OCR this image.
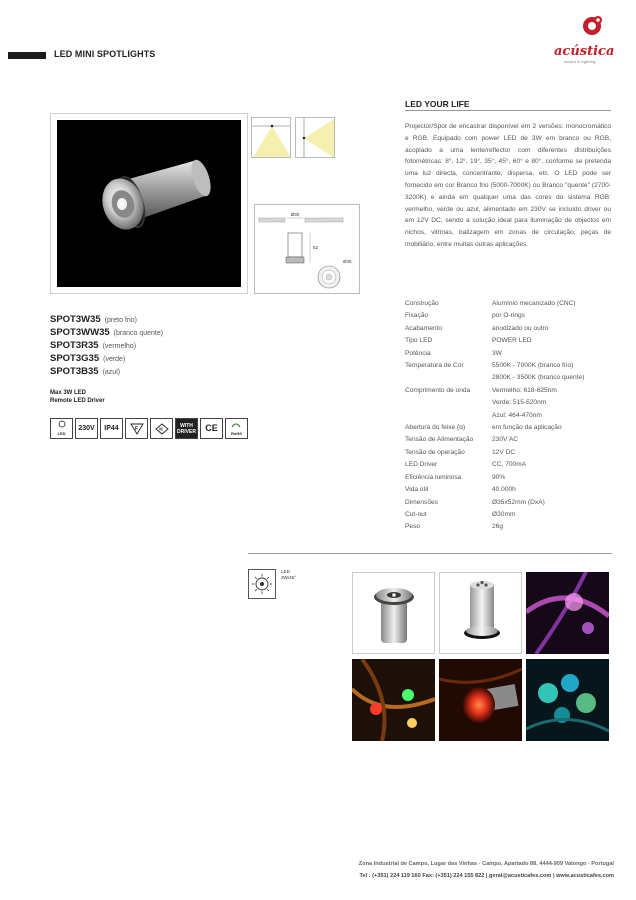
LED MINI SPOTLIGHTS	acústica
sound & lighting
SPOT3W35 (preto frio)
SPOT3WW35 (branco quente)
SPOT3R35 (vermelho)
SPOT3G35 (verde)
SPOT3B35 (azul)
Max 3W LED
Remote LED Driver
LED
230V	IP44	F	III
WITH DRIVER	CE	RoHS
Ø30
52
Ø35
LED YOUR LIFE
Projector/Spot de encastrar disponível em 2 versões: monocromático e RGB. Equipado com power LED de 3W em branco ou RGB, acoplado a uma lente/reflector com diferentes distribuições fotométricas: 8°, 12°, 19°, 35°, 45°, 60° e 80°, conforme se pretenda uma luz directa, concentrante, dispersa, etc. O LED pode ser fornecido em cor Branco frio (5000-7000K) ou Branco "quente" (2700-3200K) e ainda em qualquer uma das cores do sistema RGB: vermelho, verde ou azul, alimentado em 230V se incluído driver ou em 12V DC, sendo a solução ideal para iluminação de objectos em nichos, vitrinas, balizagem em zonas de circulação, peças de mobiliário, entre muitas outras aplicações.
Construção	Alumínio mecanizado (CNC)
Fixação	por O-rings
Acabamento	anodizado ou outro
Tipo LED	POWER LED
Potência	3W
Temperatura de Cor	5500K - 7000K (branco frio)
2800K - 3500K (branco quente)
Comprimento de onda	Vermelho: 618-625nm
Verde: 515-520nm
Azul: 464-470nm
Abertura do feixe (α)	em função da aplicação
Tensão de Alimentação	230V AC
Tensão de operação	12V DC
LED Driver	CC, 700mA
Eficiência luminosa	90%
Vida útil	40.000h
Dimensões	Ø35x52mm (DxA)
Cut-out	Ø30mm
Peso	26g
LED
3W/45°
Zona Industrial de Campo, Lugar das Vinhas - Campo, Apartado 88, 4444-909 Valongo - Portugal
Tel : (+351) 224 119 160 Fax: (+351) 224 155 822 | geral@acusticafes.com | www.acusticafes.com
